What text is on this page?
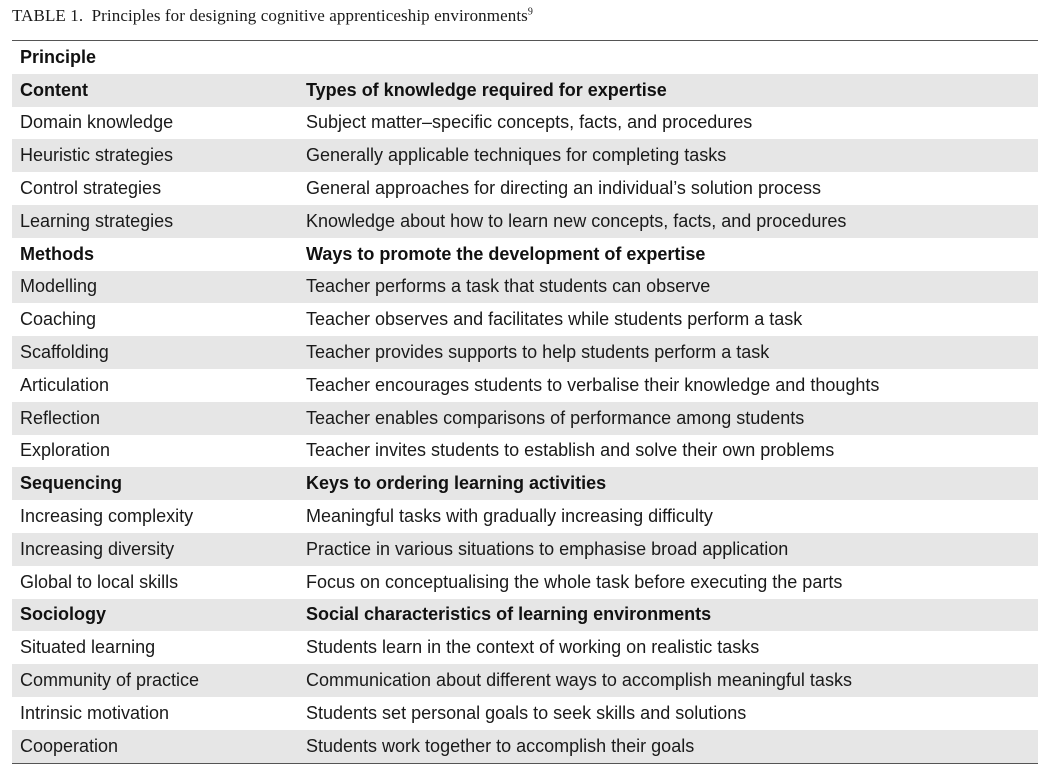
TABLE 1. Principles for designing cognitive apprenticeship environments$^9$
Principle	
Content	Types of knowledge required for expertise
Domain knowledge	Subject matter–specific concepts, facts, and procedures
Heuristic strategies	Generally applicable techniques for completing tasks
Control strategies	General approaches for directing an individual’s solution process
Learning strategies	Knowledge about how to learn new concepts, facts, and procedures
Methods	Ways to promote the development of expertise
Modelling	Teacher performs a task that students can observe
Coaching	Teacher observes and facilitates while students perform a task
Scaffolding	Teacher provides supports to help students perform a task
Articulation	Teacher encourages students to verbalise their knowledge and thoughts
Reflection	Teacher enables comparisons of performance among students
Exploration	Teacher invites students to establish and solve their own problems
Sequencing	Keys to ordering learning activities
Increasing complexity	Meaningful tasks with gradually increasing difficulty
Increasing diversity	Practice in various situations to emphasise broad application
Global to local skills	Focus on conceptualising the whole task before executing the parts
Sociology	Social characteristics of learning environments
Situated learning	Students learn in the context of working on realistic tasks
Community of practice	Communication about different ways to accomplish meaningful tasks
Intrinsic motivation	Students set personal goals to seek skills and solutions
Cooperation	Students work together to accomplish their goals
